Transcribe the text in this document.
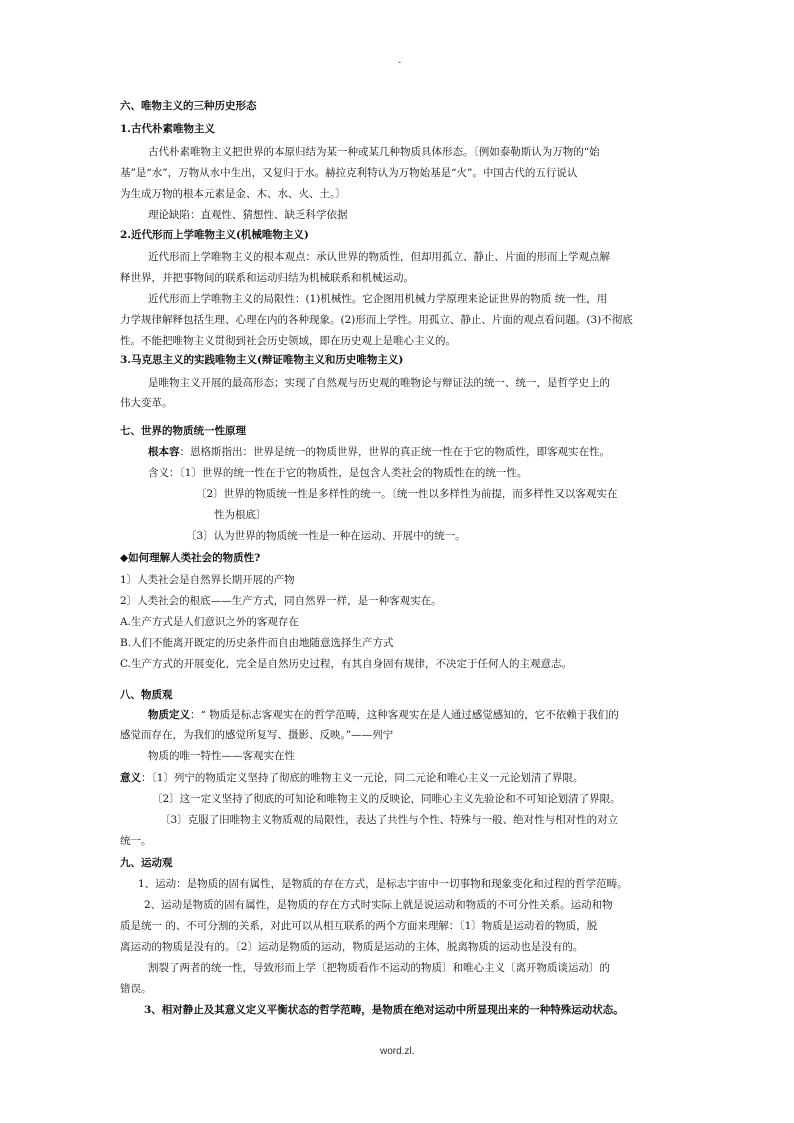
-
六、唯物主义的三种历史形态
1.古代朴素唯物主义
古代朴素唯物主义把世界的本原归结为某一种或某几种物质具体形态。〔例如泰勒斯认为万物的“始
基”是“水”，万物从水中生出，又复归于水。赫拉克利特认为万物始基是“火”。中国古代的五行说认
为生成万物的根本元素是金、木、水、火、土。〕
理论缺陷：直观性、猜想性、缺乏科学依据
2.近代形而上学唯物主义(机械唯物主义)
近代形而上学唯物主义的根本观点：承认世界的物质性，但却用孤立、静止、片面的形而上学观点解
释世界，并把事物间的联系和运动归结为机械联系和机械运动。
近代形而上学唯物主义的局限性：(1)机械性。它企图用机械力学原理来论证世界的物质 统一性，用
力学规律解释包括生理、心理在内的各种现象。(2)形而上学性。用孤立、静止、片面的观点看问题。(3)不彻底
性。不能把唯物主义贯彻到社会历史领域，即在历史观上是唯心主义的。
3.马克思主义的实践唯物主义(辩证唯物主义和历史唯物主义)
是唯物主义开展的最高形态；实现了自然观与历史观的唯物论与辩证法的统一、统一，是哲学史上的
伟大变革。
七、世界的物质统一性原理
根本容：恩格斯指出：世界是统一的物质世界，世界的真正统一性在于它的物质性，即客观实在性。
含义：〔1〕世界的统一性在于它的物质性，是包含人类社会的物质性在的统一性。
〔2〕世界的物质统一性是多样性的统一。〔统一性以多样性为前提，而多样性又以客观实在
性为根底〕
〔3〕认为世界的物质统一性是一种在运动、开展中的统一。
◆如何理解人类社会的物质性?
1〕人类社会是自然界长期开展的产物
2〕人类社会的根底——生产方式，同自然界一样，是一种客观实在。
A.生产方式是人们意识之外的客观存在
B.人们不能离开既定的历史条件而自由地随意选择生产方式
C.生产方式的开展变化，完全是自然历史过程，有其自身固有规律，不决定于任何人的主观意志。
八、物质观
物质定义：“ 物质是标志客观实在的哲学范畴，这种客观实在是人通过感觉感知的，它不依赖于我们的
感觉而存在，为我们的感觉所复写、摄影、反映。”——列宁
物质的唯一特性——客观实在性
意义：〔1〕列宁的物质定义坚持了彻底的唯物主义一元论，同二元论和唯心主义一元论划清了界限。
〔2〕这一定义坚持了彻底的可知论和唯物主义的反映论，同唯心主义先验论和不可知论划清了界限。
〔3〕克服了旧唯物主义物质观的局限性，表达了共性与个性、特殊与一般、绝对性与相对性的对立
统一。
九、运动观
1、运动：是物质的固有属性，是物质的存在方式，是标志宇宙中一切事物和现象变化和过程的哲学范畴。
2、运动是物质的固有属性，是物质的存在方式时实际上就是说运动和物质的不可分性关系。运动和物
质是统一 的、不可分割的关系，对此可以从相互联系的两个方面来理解：〔1〕物质是运动着的物质，脱
离运动的物质是没有的。〔2〕运动是物质的运动，物质是运动的主体，脱离物质的运动也是没有的。
割裂了两者的统一性，导致形而上学〔把物质看作不运动的物质〕和唯心主义〔离开物质谈运动〕的
错误。
3、相对静止及其意义定义平衡状态的哲学范畴，是物质在绝对运动中所显现出来的一种特殊运动状态。
word.zl.
